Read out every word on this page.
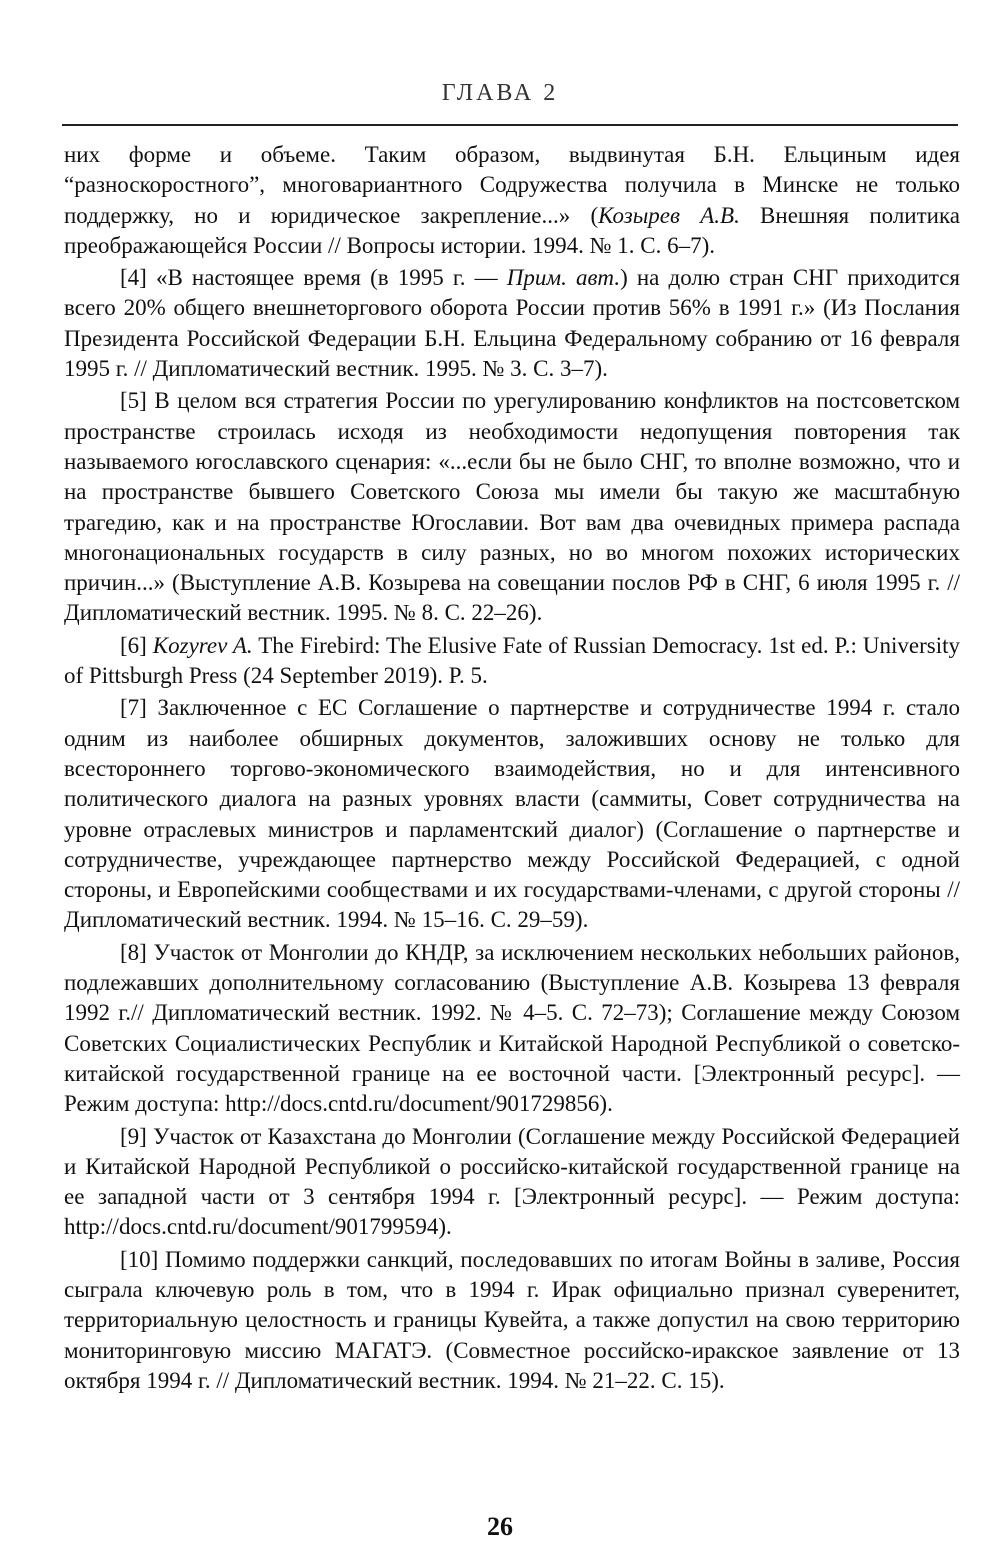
ГЛАВА 2

них форме и объеме. Таким образом, выдвинутая Б.Н. Ельциным идея “разноскоростного”, многовариантного Содружества получила в Минске не только поддержку, но и юридическое закрепление...» (Козырев А.В. Внешняя политика преображающейся России // Вопросы истории. 1994. № 1. С. 6–7).

[4] «В настоящее время (в 1995 г. — Прим. авт.) на долю стран СНГ приходится всего 20% общего внешнеторгового оборота России против 56% в 1991 г.» (Из Послания Президента Российской Федерации Б.Н. Ельцина Федеральному собранию от 16 февраля 1995 г. // Дипломатический вестник. 1995. № 3. С. 3–7).

[5] В целом вся стратегия России по урегулированию конфликтов на постсоветском пространстве строилась исходя из необходимости недопущения повторения так называемого югославского сценария: «...если бы не было СНГ, то вполне возможно, что и на пространстве бывшего Советского Союза мы имели бы такую же масштабную трагедию, как и на пространстве Югославии. Вот вам два очевидных примера распада многонациональных государств в силу разных, но во многом похожих исторических причин...» (Выступление А.В. Козырева на совещании послов РФ в СНГ, 6 июля 1995 г. // Дипломатический вестник. 1995. № 8. С. 22–26).

[6] Kozyrev A. The Firebird: The Elusive Fate of Russian Democracy. 1st ed. P.: University of Pittsburgh Press (24 September 2019). P. 5.

[7] Заключенное с ЕС Соглашение о партнерстве и сотрудничестве 1994 г. стало одним из наиболее обширных документов, заложивших основу не только для всестороннего торгово-экономического взаимодействия, но и для интенсивного политического диалога на разных уровнях власти (саммиты, Совет сотрудничества на уровне отраслевых министров и парламентский диалог) (Соглашение о партнерстве и сотрудничестве, учреждающее партнерство между Российской Федерацией, с одной стороны, и Европейскими сообществами и их государствами-членами, с другой стороны // Дипломатический вестник. 1994. № 15–16. С. 29–59).

[8] Участок от Монголии до КНДР, за исключением нескольких небольших районов, подлежавших дополнительному согласованию (Выступление А.В. Козырева 13 февраля 1992 г.// Дипломатический вестник. 1992. № 4–5. С. 72–73); Соглашение между Союзом Советских Социалистических Республик и Китайской Народной Республикой о советско-китайской государственной границе на ее восточной части. [Электронный ресурс]. — Режим доступа: http://docs.cntd.ru/document/901729856).

[9] Участок от Казахстана до Монголии (Соглашение между Российской Федерацией и Китайской Народной Республикой о российско-китайской государственной границе на ее западной части от 3 сентября 1994 г. [Электронный ресурс]. — Режим доступа: http://docs.cntd.ru/document/901799594).

[10] Помимо поддержки санкций, последовавших по итогам Войны в заливе, Россия сыграла ключевую роль в том, что в 1994 г. Ирак официально признал суверенитет, территориальную целостность и границы Кувейта, а также допустил на свою территорию мониторинговую миссию МАГАТЭ. (Совместное российско-иракское заявление от 13 октября 1994 г. // Дипломатический вестник. 1994. № 21–22. С. 15).

26
